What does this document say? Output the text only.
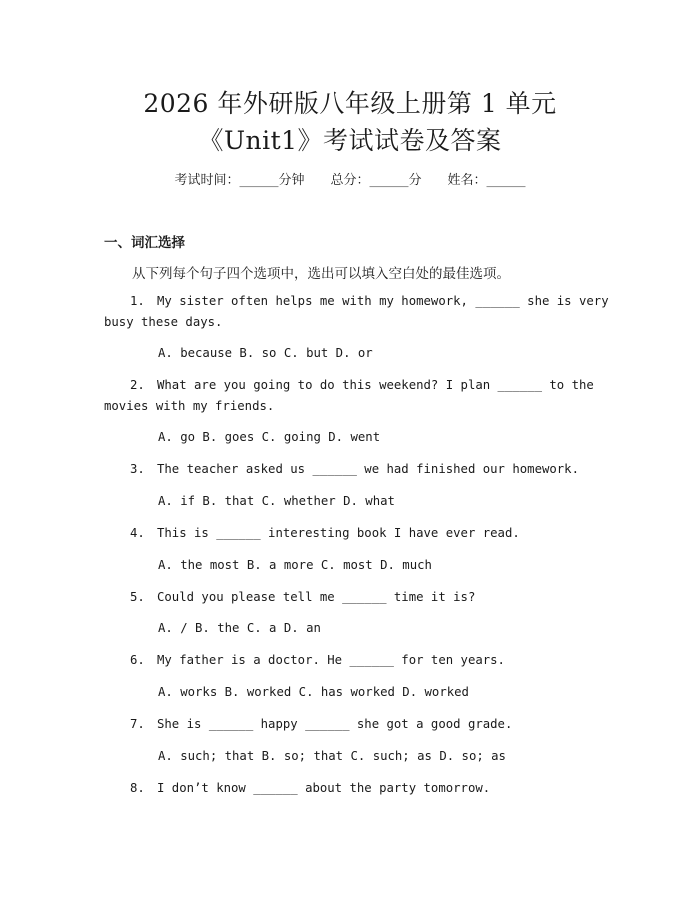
2026 年外研版八年级上册第 1 单元
《Unit1》考试试卷及答案
考试时间：______分钟 总分：______分 姓名：______
一、词汇选择
从下列每个句子四个选项中，选出可以填入空白处的最佳选项。
1. My sister often helps me with my homework, ______ she is very
busy these days.
A. because B. so C. but D. or
2. What are you going to do this weekend? I plan ______ to the
movies with my friends.
A. go B. goes C. going D. went
3. The teacher asked us ______ we had finished our homework.
A. if B. that C. whether D. what
4. This is ______ interesting book I have ever read.
A. the most B. a more C. most D. much
5. Could you please tell me ______ time it is?
A. / B. the C. a D. an
6. My father is a doctor. He ______ for ten years.
A. works B. worked C. has worked D. worked
7. She is ______ happy ______ she got a good grade.
A. such; that B. so; that C. such; as D. so; as
8. I don’t know ______ about the party tomorrow.
